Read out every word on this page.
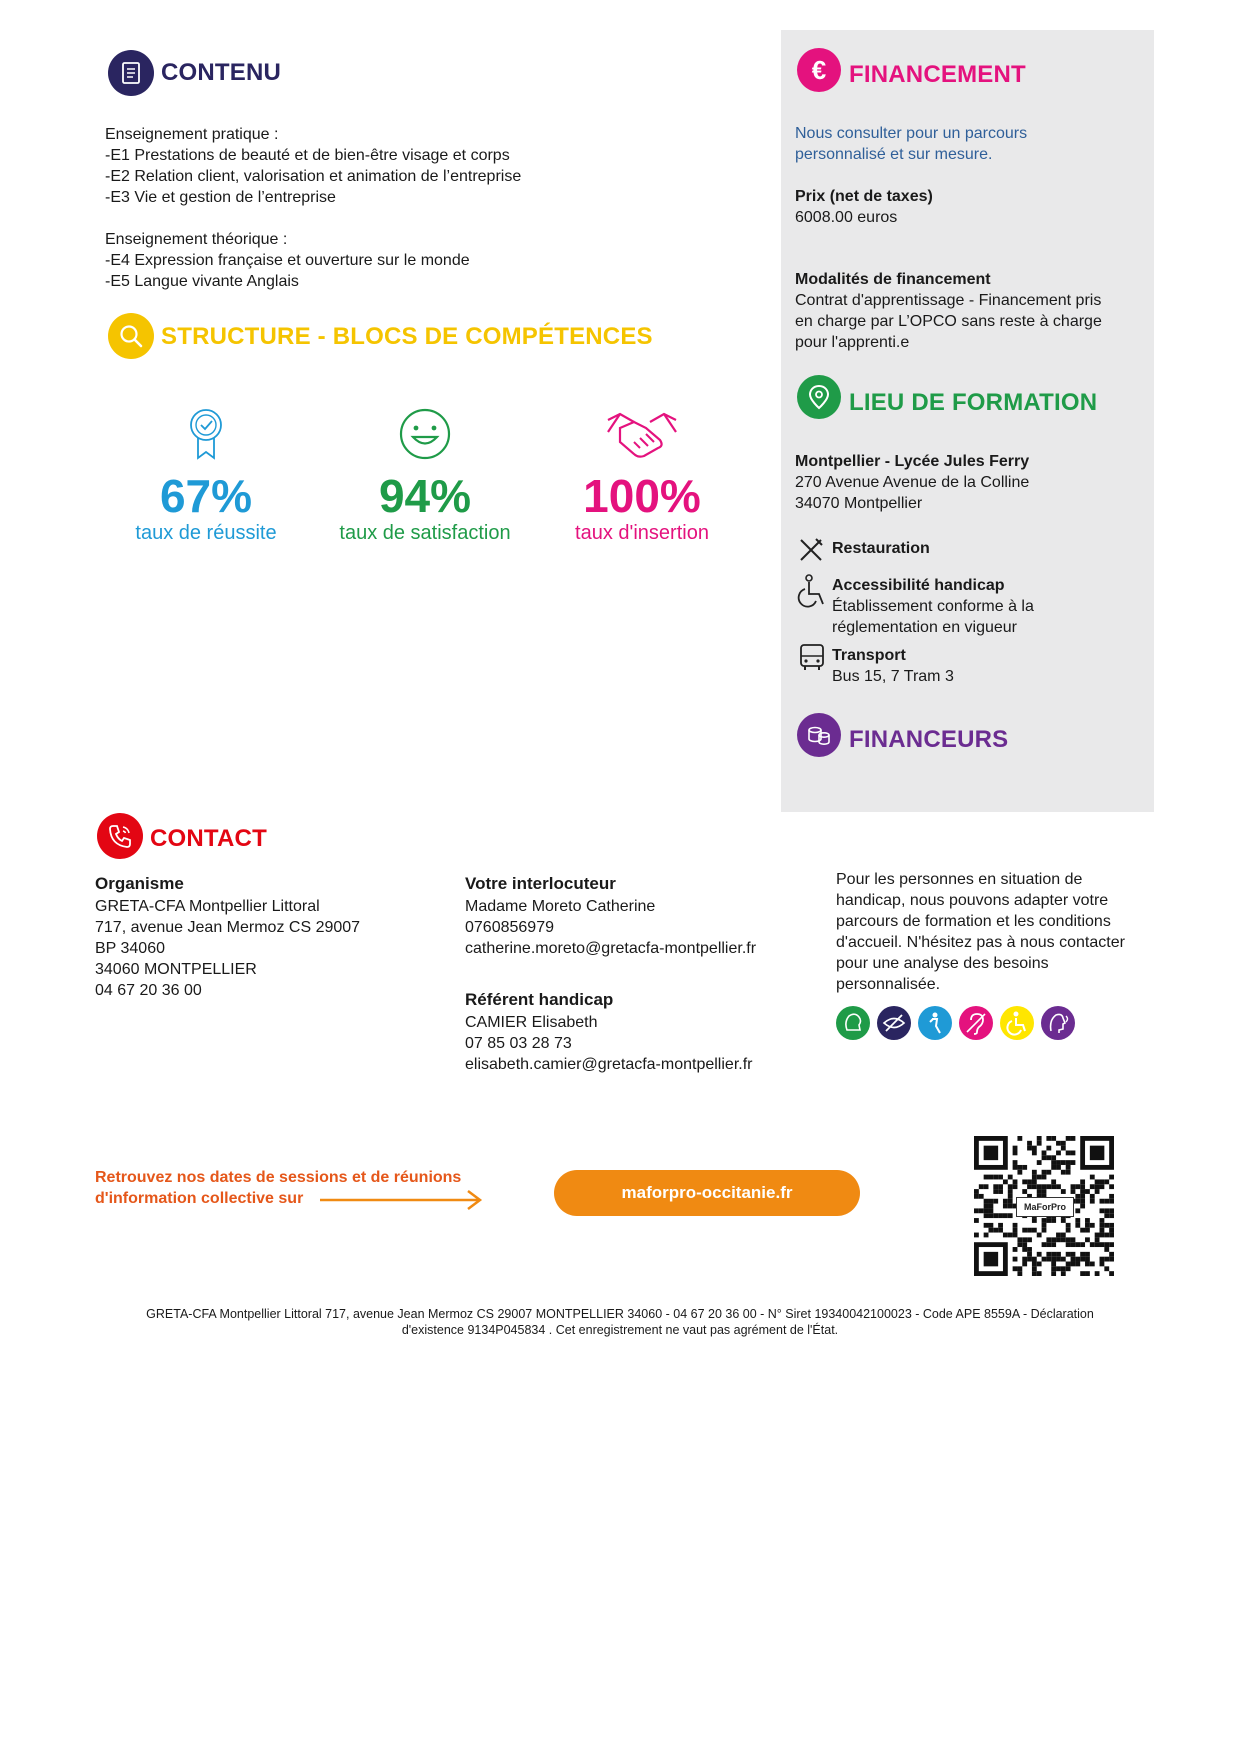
CONTENU
Enseignement pratique :
-E1 Prestations de beauté et de bien-être visage et corps
-E2 Relation client, valorisation et animation de l’entreprise
-E3 Vie et gestion de l’entreprise

Enseignement théorique :
-E4 Expression française et ouverture sur le monde
-E5 Langue vivante Anglais
STRUCTURE - BLOCS DE COMPÉTENCES
67%
taux de réussite
94%
taux de satisfaction
100%
taux d'insertion
€ FINANCEMENT
Nous consulter pour un parcours
personnalisé et sur mesure.
Prix (net de taxes)
6008.00 euros
Modalités de financement
Contrat d'apprentissage - Financement pris
en charge par L’OPCO sans reste à charge
pour l'apprenti.e
LIEU DE FORMATION
Montpellier - Lycée Jules Ferry
270 Avenue Avenue de la Colline
34070 Montpellier
Restauration
Accessibilité handicap
Établissement conforme à la
réglementation en vigueur
Transport
Bus 15, 7 Tram 3
FINANCEURS
CONTACT
Organisme
GRETA-CFA Montpellier Littoral
717, avenue Jean Mermoz CS 29007
BP 34060
34060 MONTPELLIER
04 67 20 36 00
Votre interlocuteur
Madame Moreto Catherine
0760856979
catherine.moreto@gretacfa-montpellier.fr
Référent handicap
CAMIER Elisabeth
07 85 03 28 73
elisabeth.camier@gretacfa-montpellier.fr
Pour les personnes en situation de
handicap, nous pouvons adapter votre
parcours de formation et les conditions
d'accueil. N'hésitez pas à nous contacter
pour une analyse des besoins
personnalisée.
Retrouvez nos dates de sessions et de réunions
d'information collective sur	maforpro-occitanie.fr
MaForPro
GRETA-CFA Montpellier Littoral 717, avenue Jean Mermoz CS 29007 MONTPELLIER 34060 - 04 67 20 36 00 - N° Siret 19340042100023 - Code APE 8559A - Déclaration
d'existence 9134P045834 . Cet enregistrement ne vaut pas agrément de l'État.
